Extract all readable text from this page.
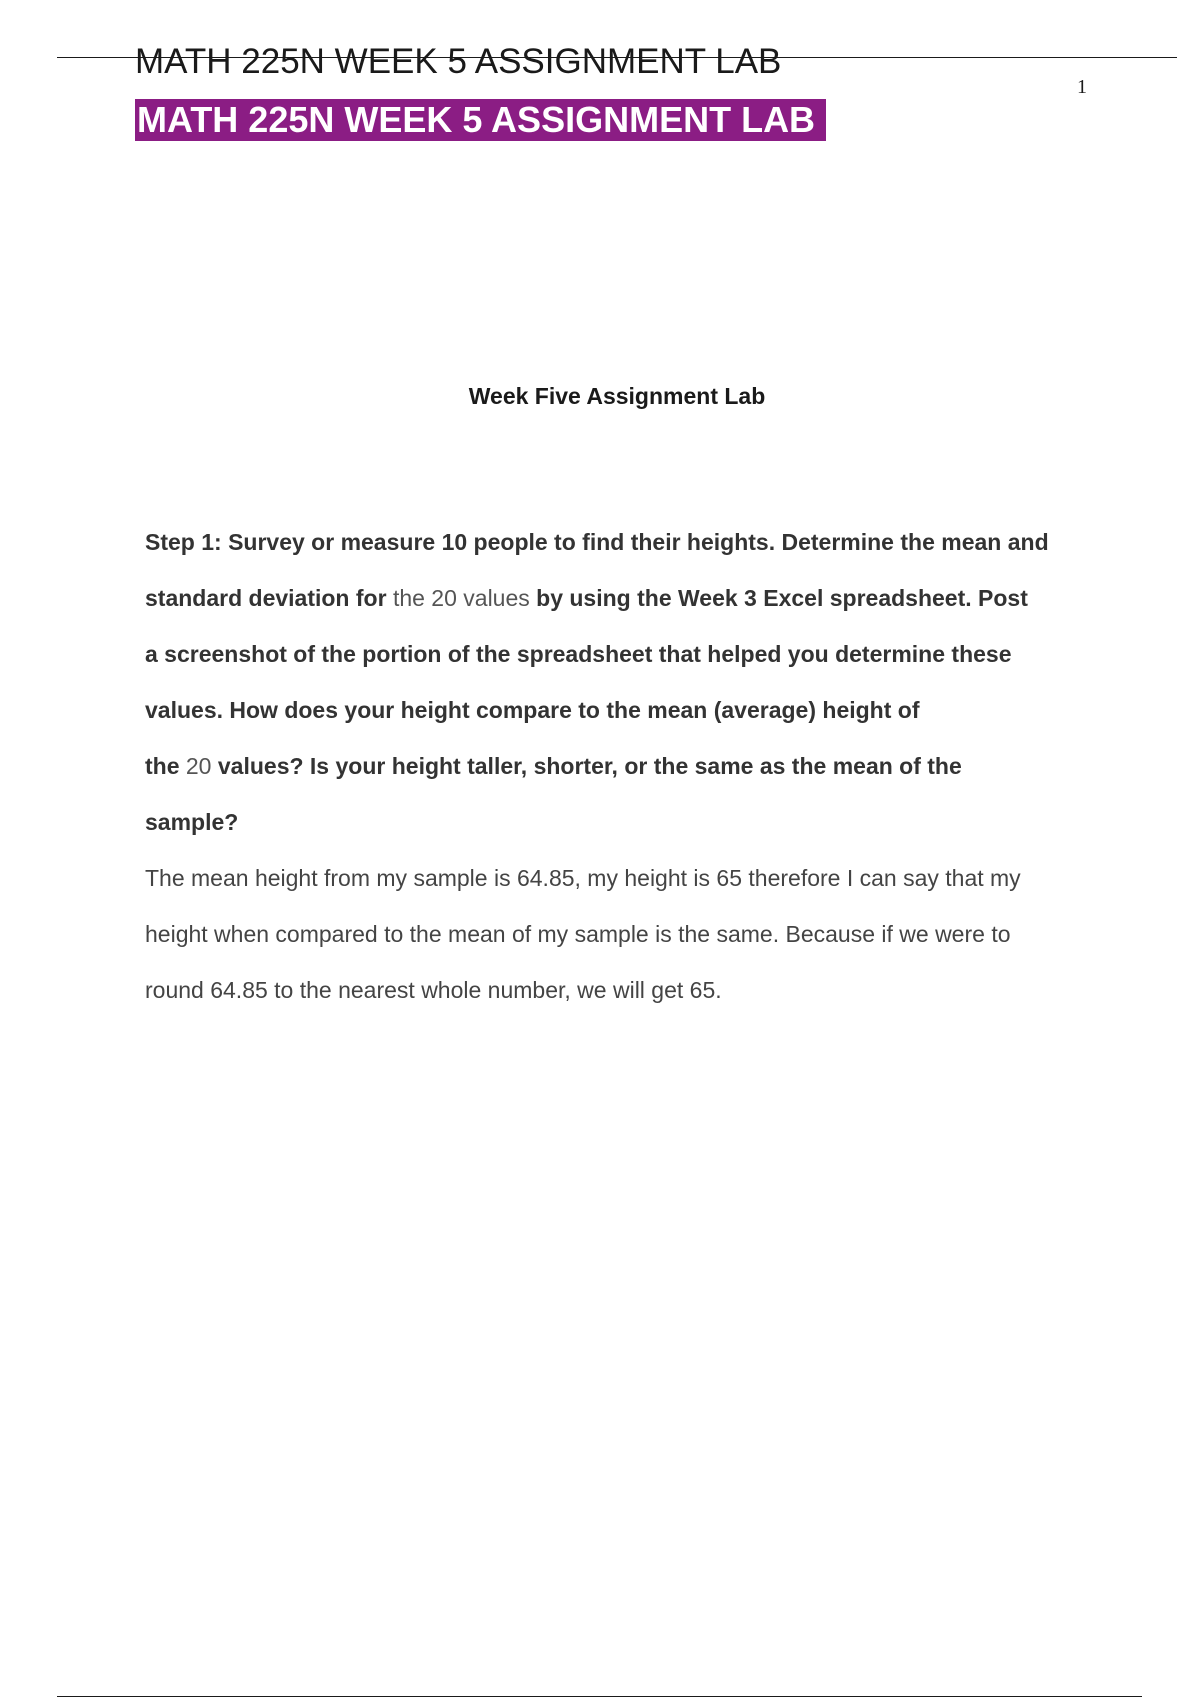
MATH 225N WEEK 5 ASSIGNMENT LAB
1
MATH 225N WEEK 5 ASSIGNMENT LAB
Week Five Assignment Lab
Step 1: Survey or measure 10 people to find their heights. Determine the mean and
standard deviation for the 20 values by using the Week 3 Excel spreadsheet. Post
a screenshot of the portion of the spreadsheet that helped you determine these
values. How does your height compare to the mean (average) height of
the 20 values? Is your height taller, shorter, or the same as the mean of the
sample?
The mean height from my sample is 64.85, my height is 65 therefore I can say that my
height when compared to the mean of my sample is the same. Because if we were to
round 64.85 to the nearest whole number, we will get 65.
